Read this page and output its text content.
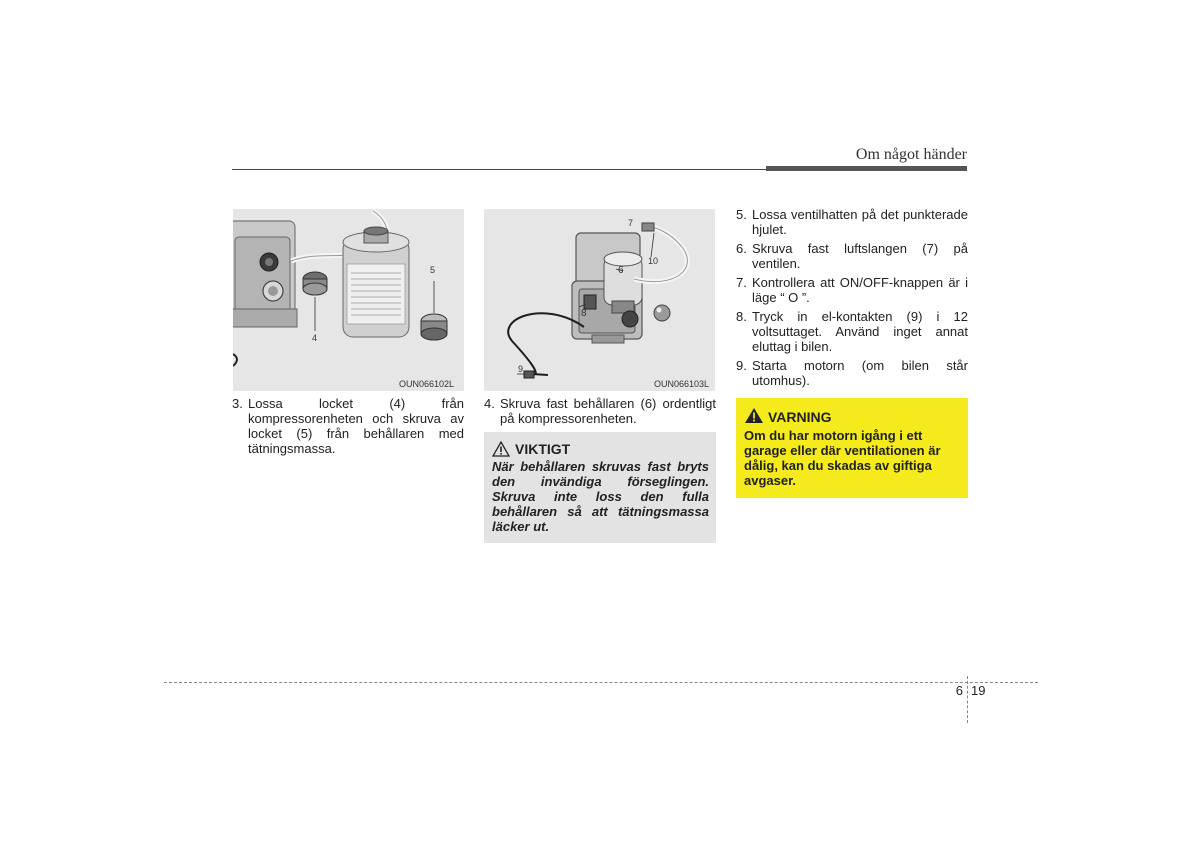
Om något händer
4
5
OUN066102L
7
10
6
8
9
OUN066103L
3. Lossa locket (4) från kompressorenheten och skruva av locket (5) från behållaren med tätningsmassa.
4. Skruva fast behållaren (6) ordentligt på kompressorenheten.
VIKTIGT
När behållaren skruvas fast bryts den invändiga förseglingen. Skruva inte loss den fulla behållaren så att tätningsmassa läcker ut.
5. Lossa ventilhatten på det punkterade hjulet.
6. Skruva fast luftslangen (7) på ventilen.
7. Kontrollera att ON/OFF-knappen är i läge “ O ”.
8. Tryck in el-kontakten (9) i 12 voltsuttaget. Använd inget annat eluttag i bilen.
9. Starta motorn (om bilen står utomhus).
VARNING
Om du har motorn igång i ett garage eller där ventilationen är dålig, kan du skadas av giftiga avgaser.
6 19
